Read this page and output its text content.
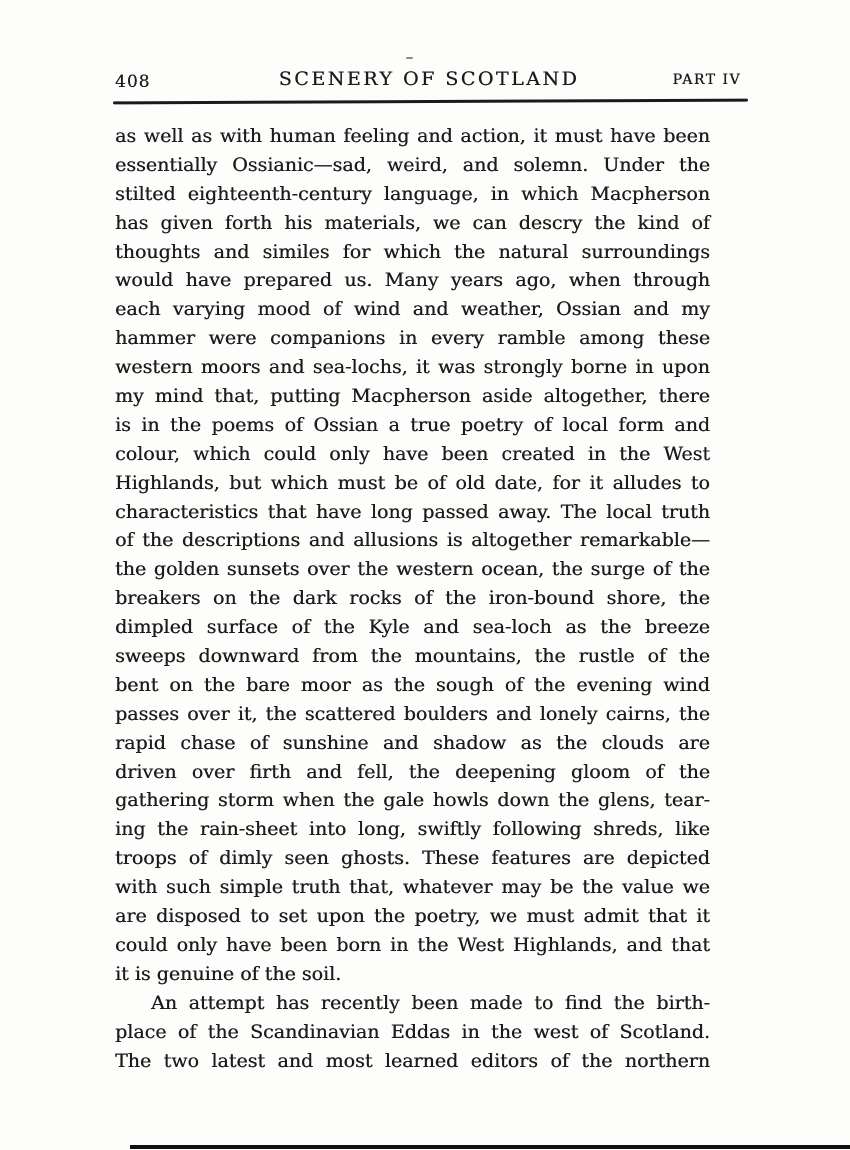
408	SCENERY OF SCOTLAND	PART IV
as well as with human feeling and action, it must have been
essentially Ossianic—sad, weird, and solemn. Under the
stilted eighteenth-century language, in which Macpherson
has given forth his materials, we can descry the kind of
thoughts and similes for which the natural surroundings
would have prepared us. Many years ago, when through
each varying mood of wind and weather, Ossian and my
hammer were companions in every ramble among these
western moors and sea-lochs, it was strongly borne in upon
my mind that, putting Macpherson aside altogether, there
is in the poems of Ossian a true poetry of local form and
colour, which could only have been created in the West
Highlands, but which must be of old date, for it alludes to
characteristics that have long passed away. The local truth
of the descriptions and allusions is altogether remarkable—
the golden sunsets over the western ocean, the surge of the
breakers on the dark rocks of the iron-bound shore, the
dimpled surface of the Kyle and sea-loch as the breeze
sweeps downward from the mountains, the rustle of the
bent on the bare moor as the sough of the evening wind
passes over it, the scattered boulders and lonely cairns, the
rapid chase of sunshine and shadow as the clouds are
driven over firth and fell, the deepening gloom of the
gathering storm when the gale howls down the glens, tear-
ing the rain-sheet into long, swiftly following shreds, like
troops of dimly seen ghosts. These features are depicted
with such simple truth that, whatever may be the value we
are disposed to set upon the poetry, we must admit that it
could only have been born in the West Highlands, and that
it is genuine of the soil.
An attempt has recently been made to find the birth-
place of the Scandinavian Eddas in the west of Scotland.
The two latest and most learned editors of the northern
